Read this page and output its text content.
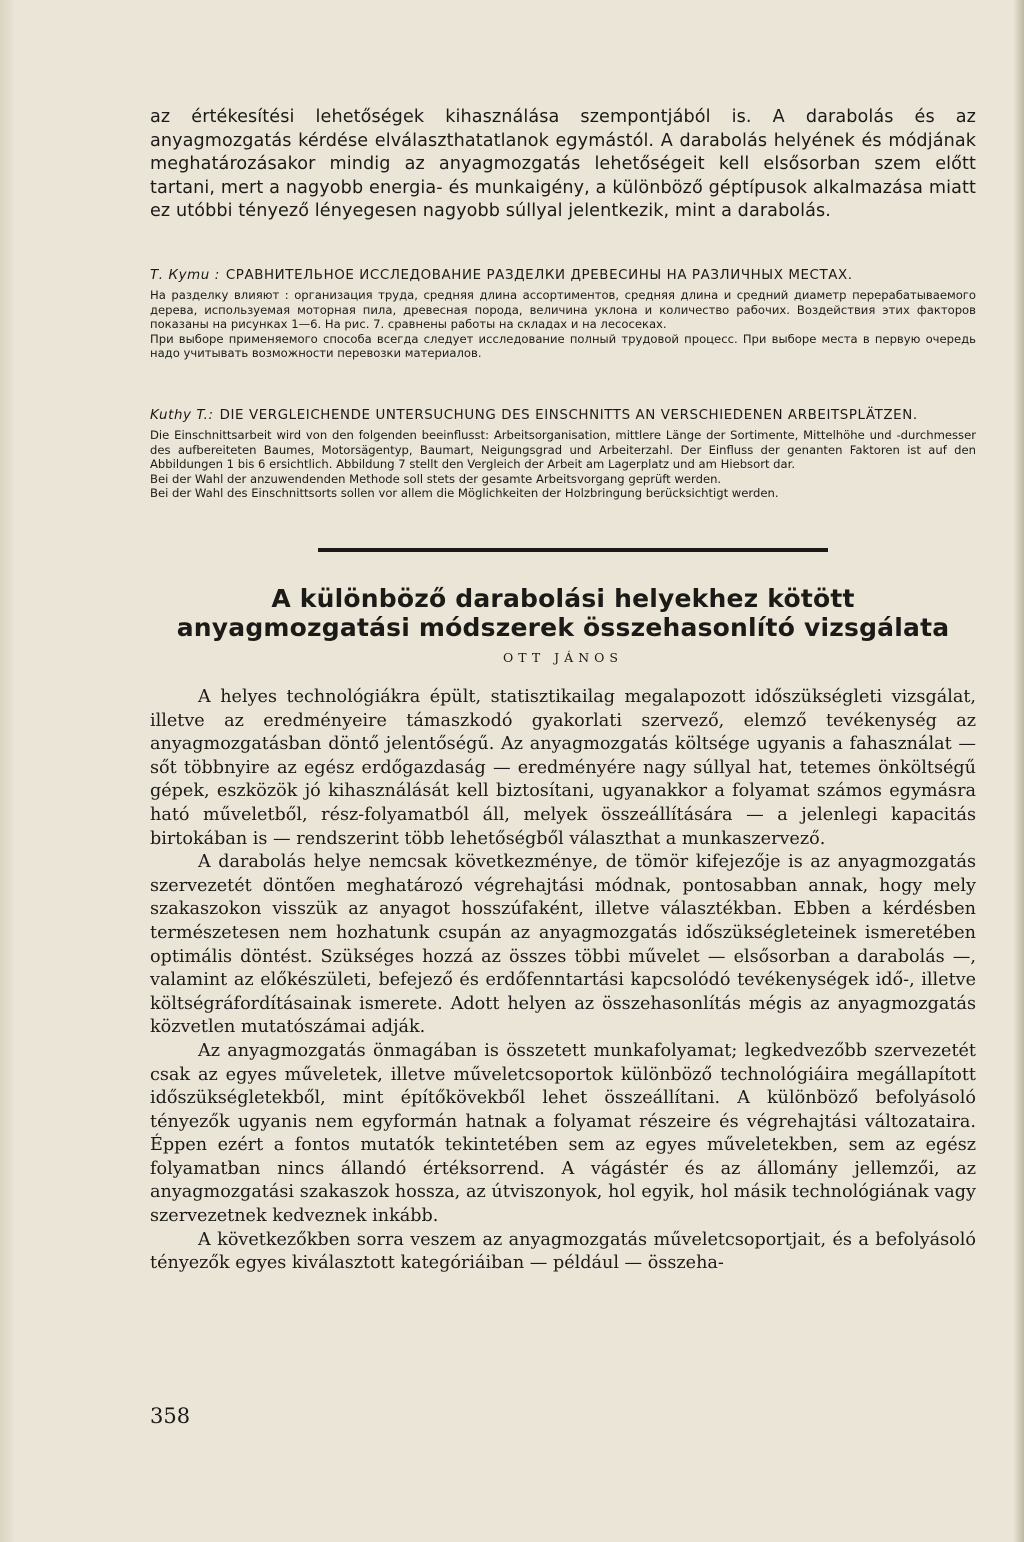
az értékesítési lehetőségek kihasználása szempontjából is. A darabolás és az anyagmozgatás kérdése elválaszthatatlanok egymástól. A darabolás helyének és módjának meghatározásakor mindig az anyagmozgatás lehetőségeit kell elsősorban szem előtt tartani, mert a nagyobb energia- és munkaigény, a különböző géptípusok alkalmazása miatt ez utóbbi tényező lényegesen nagyobb súllyal jelentkezik, mint a darabolás.
Т. Куmu : СРАВНИТЕЛЬНОЕ ИССЛЕДОВАНИЕ РАЗДЕЛКИ ДРЕВЕСИНЫ НА РАЗЛИЧНЫХ МЕСТАХ.

На разделку влияют : организация труда, средняя длина ассортиментов, средняя длина и средний диаметр перерабатываемого дерева, используемая моторная пила, древесная порода, величина уклона и количество рабочих. Воздействия этих факторов показаны на рисунках 1—6. На рис. 7. сравнены работы на складах и на лесосеках.

При выборе применяемого способа всегда следует исследование полный трудовой процесс. При выборе места в первую очередь надо учитывать возможности перевозки материалов.

Kuthy T.: DIE VERGLEICHENDE UNTERSUCHUNG DES EINSCHNITTS AN VERSCHIEDENEN ARBEITSPLÄTZEN.

Die Einschnittsarbeit wird von den folgenden beeinflusst: Arbeitsorganisation, mittlere Länge der Sortimente, Mittelhöhe und -durchmesser des aufbereiteten Baumes, Motorsägentyp, Baumart, Neigungsgrad und Arbeiterzahl. Der Einfluss der genanten Faktoren ist auf den Abbildungen 1 bis 6 ersichtlich. Abbildung 7 stellt den Vergleich der Arbeit am Lagerplatz und am Hiebsort dar.

Bei der Wahl der anzuwendenden Methode soll stets der gesamte Arbeitsvorgang geprüft werden.

Bei der Wahl des Einschnittsorts sollen vor allem die Möglichkeiten der Holzbringung berücksichtigt werden.

A különböző darabolási helyekhez kötött
anyagmozgatási módszerek összehasonlító vizsgálata
OTT JÁNOS

A helyes technológiákra épült, statisztikailag megalapozott időszükségleti vizsgálat, illetve az eredményeire támaszkodó gyakorlati szervező, elemző tevékenység az anyagmozgatásban döntő jelentőségű. Az anyagmozgatás költsége ugyanis a fahasználat — sőt többnyire az egész erdőgazdaság — eredményére nagy súllyal hat, tetemes önköltségű gépek, eszközök jó kihasználását kell biztosítani, ugyanakkor a folyamat számos egymásra ható műveletből, rész-folyamatból áll, melyek összeállítására — a jelenlegi kapacitás birtokában is — rendszerint több lehetőségből választhat a munkaszervező.

A darabolás helye nemcsak következménye, de tömör kifejezője is az anyagmozgatás szervezetét döntően meghatározó végrehajtási módnak, pontosabban annak, hogy mely szakaszokon visszük az anyagot hosszúfaként, illetve választékban. Ebben a kérdésben természetesen nem hozhatunk csupán az anyagmozgatás időszükségleteinek ismeretében optimális döntést. Szükséges hozzá az összes többi művelet — elsősorban a darabolás —, valamint az előkészületi, befejező és erdőfenntartási kapcsolódó tevékenységek idő-, illetve költségráfordításainak ismerete. Adott helyen az összehasonlítás mégis az anyagmozgatás közvetlen mutatószámai adják.

Az anyagmozgatás önmagában is összetett munkafolyamat; legkedvezőbb szervezetét csak az egyes műveletek, illetve műveletcsoportok különböző technológiáira megállapított időszükségletekből, mint építőkövekből lehet összeállítani. A különböző befolyásoló tényezők ugyanis nem egyformán hatnak a folyamat részeire és végrehajtási változataira. Éppen ezért a fontos mutatók tekintetében sem az egyes műveletekben, sem az egész folyamatban nincs állandó értéksorrend. A vágástér és az állomány jellemzői, az anyagmozgatási szakaszok hossza, az útviszonyok, hol egyik, hol másik technológiának vagy szervezetnek kedveznek inkább.

A következőkben sorra veszem az anyagmozgatás műveletcsoportjait, és a befolyásoló tényezők egyes kiválasztott kategóriáiban — például — összeha-

358
